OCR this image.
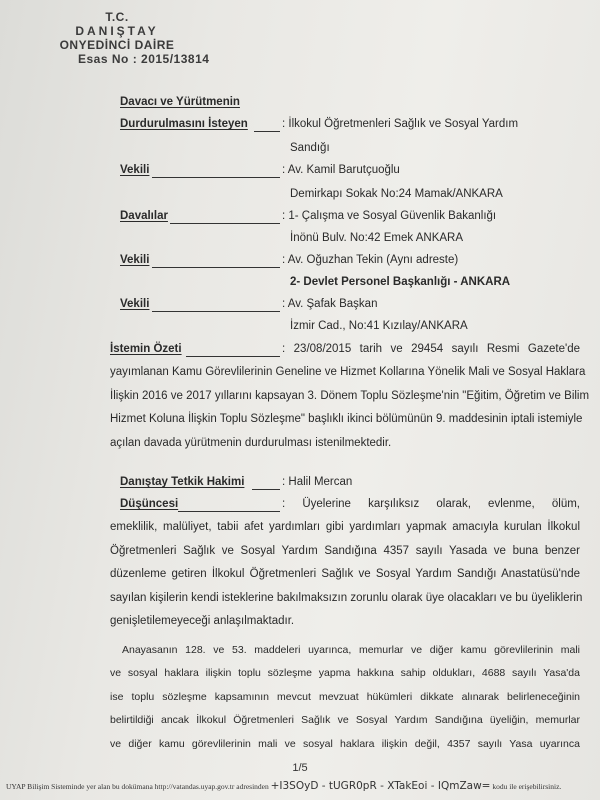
T.C.
DANIŞTAY
ONYEDİNCİ DAİRE
Esas No : 2015/13814
Davacı ve Yürütmenin
Durdurulmasını İsteyen	: İlkokul Öğretmenleri Sağlık ve Sosyal Yardım
Sandığı
Vekili	: Av. Kamil Barutçuoğlu
Demirkapı Sokak No:24 Mamak/ANKARA
Davalılar	: 1- Çalışma ve Sosyal Güvenlik Bakanlığı
İnönü Bulv. No:42 Emek ANKARA
Vekili	: Av. Oğuzhan Tekin (Aynı adreste)
2- Devlet Personel Başkanlığı - ANKARA
Vekili	: Av. Şafak Başkan
İzmir Cad., No:41 Kızılay/ANKARA
İstemin Özeti	: 23/08/2015 tarih ve 29454 sayılı Resmi Gazete'de
yayımlanan Kamu Görevlilerinin Geneline ve Hizmet Kollarına Yönelik Mali ve Sosyal Haklara
İlişkin 2016 ve 2017 yıllarını kapsayan 3. Dönem Toplu Sözleşme'nin "Eğitim, Öğretim ve Bilim
Hizmet Koluna İlişkin Toplu Sözleşme" başlıklı ikinci bölümünün 9. maddesinin iptali istemiyle
açılan davada yürütmenin durdurulması istenilmektedir.
Danıştay Tetkik Hakimi	: Halil Mercan
Düşüncesi	: Üyelerine karşılıksız olarak, evlenme, ölüm,
emeklilik, malüliyet, tabii afet yardımları gibi yardımları yapmak amacıyla kurulan İlkokul
Öğretmenleri Sağlık ve Sosyal Yardım Sandığına 4357 sayılı Yasada ve buna benzer
düzenleme getiren İlkokul Öğretmenleri Sağlık ve Sosyal Yardım Sandığı Anastatüsü'nde
sayılan kişilerin kendi isteklerine bakılmaksızın zorunlu olarak üye olacakları ve bu üyeliklerin
genişletilemeyeceği anlaşılmaktadır.
Anayasanın 128. ve 53. maddeleri uyarınca, memurlar ve diğer kamu görevlilerinin mali
ve sosyal haklara ilişkin toplu sözleşme yapma hakkına sahip oldukları, 4688 sayılı Yasa'da
ise toplu sözleşme kapsamının mevcut mevzuat hükümleri dikkate alınarak belirleneceğinin
belirtildiği ancak İlkokul Öğretmenleri Sağlık ve Sosyal Yardım Sandığına üyeliğin, memurlar
ve diğer kamu görevlilerinin mali ve sosyal haklara ilişkin değil, 4357 sayılı Yasa uyarınca
1/5
UYAP Bilişim Sisteminde yer alan bu dokümana http://vatandas.uyap.gov.tr adresinden +I3SOyD - tUGR0pR - XTakEoi - IQmZaw= kodu ile erişebilirsiniz.
